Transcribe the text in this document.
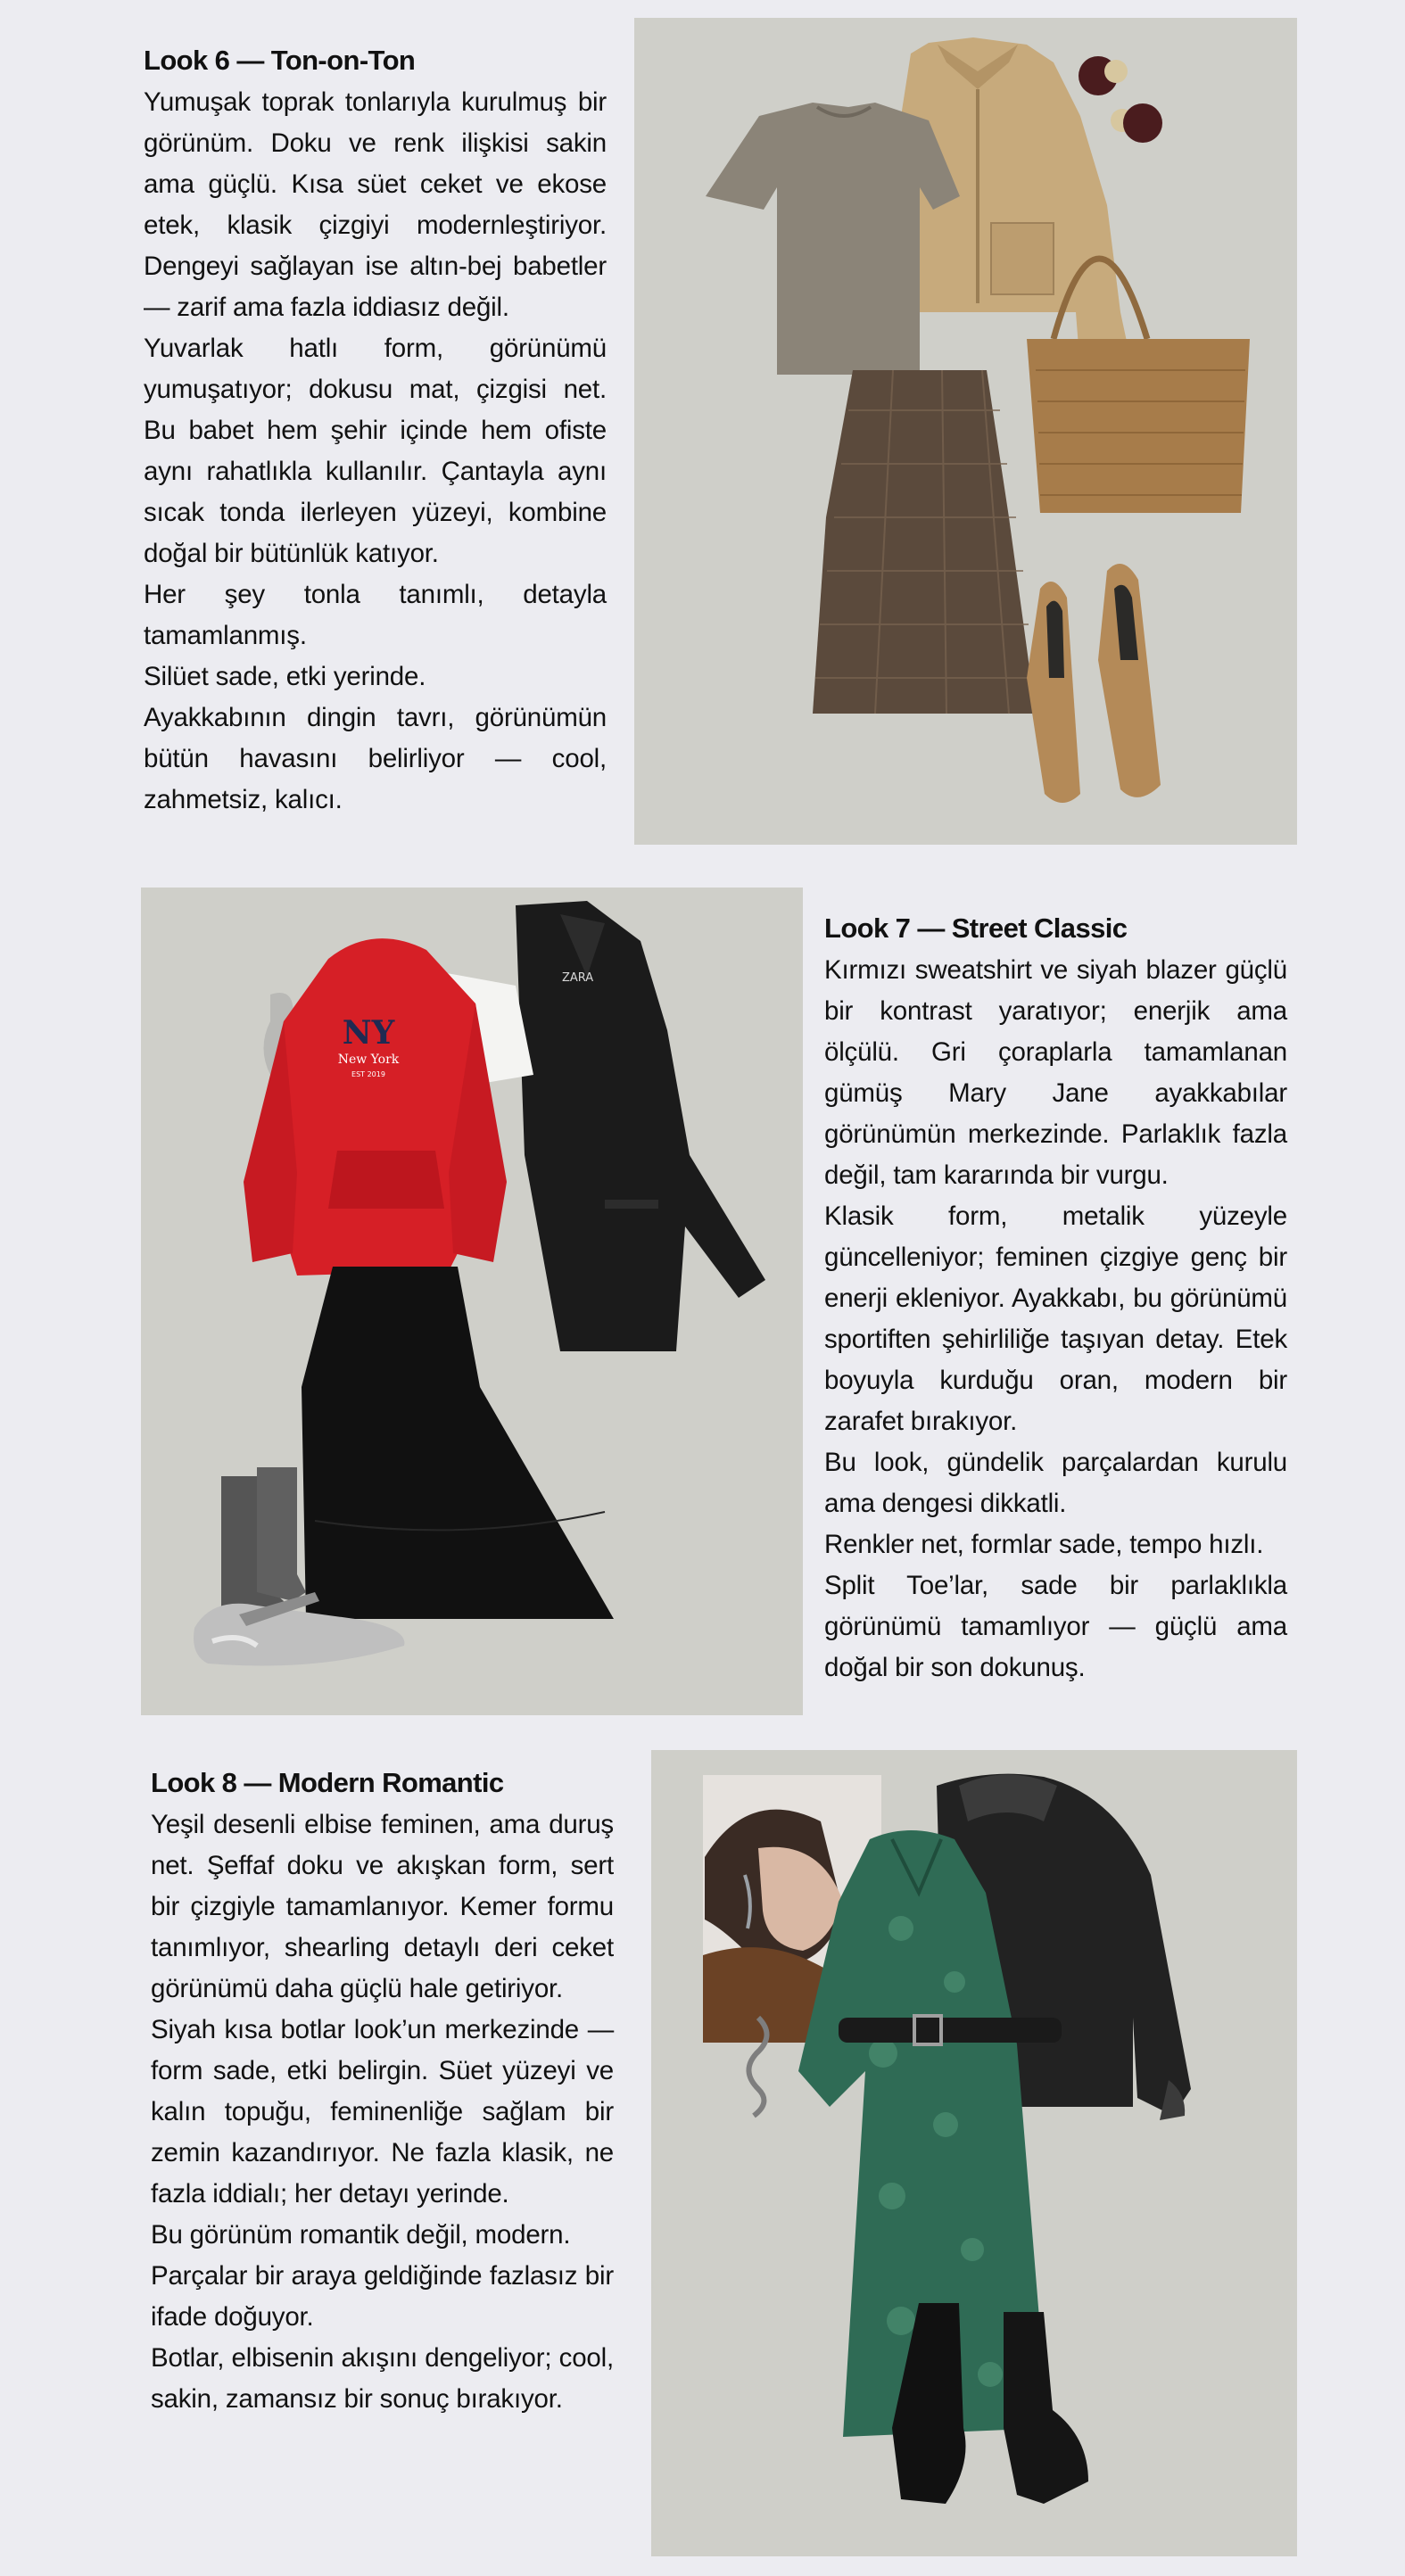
Look 6 — Ton-on-Ton

Yumuşak toprak tonlarıyla kurulmuş bir görünüm. Doku ve renk ilişkisi sakin ama güçlü. Kısa süet ceket ve ekose etek, klasik çizgiyi modernleştiriyor. Dengeyi sağlayan ise altın-bej babetler — zarif ama fazla iddiasız değil.

Yuvarlak hatlı form, görünümü yumuşatıyor; dokusu mat, çizgisi net. Bu babet hem şehir içinde hem ofiste aynı rahatlıkla kullanılır. Çantayla aynı sıcak tonda ilerleyen yüzeyi, kombine doğal bir bütünlük katıyor.

Her şey tonla tanımlı, detayla tamamlanmış.

Silüet sade, etki yerinde.

Ayakkabının dingin tavrı, görünümün bütün havasını belirliyor — cool, zahmetsiz, kalıcı.

ZARA
NY
New York
EST 2019
Look 7 — Street Classic

Kırmızı sweatshirt ve siyah blazer güçlü bir kontrast yaratıyor; enerjik ama ölçülü. Gri çoraplarla tamamlanan gümüş Mary Jane ayakkabılar görünümün merkezinde. Parlaklık fazla değil, tam kararında bir vurgu.

Klasik form, metalik yüzeyle güncelleniyor; feminen çizgiye genç bir enerji ekleniyor. Ayakkabı, bu görünümü sportiften şehirliliğe taşıyan detay. Etek boyuyla kurduğu oran, modern bir zarafet bırakıyor.

Bu look, gündelik parçalardan kurulu ama dengesi dikkatli.

Renkler net, formlar sade, tempo hızlı.

Split Toe’lar, sade bir parlaklıkla görünümü tamamlıyor — güçlü ama doğal bir son dokunuş.

Look 8 — Modern Romantic

Yeşil desenli elbise feminen, ama duruş net. Şeffaf doku ve akışkan form, sert bir çizgiyle tamamlanıyor. Kemer formu tanımlıyor, shearling detaylı deri ceket görünümü daha güçlü hale getiriyor.

Siyah kısa botlar look’un merkezinde — form sade, etki belirgin. Süet yüzeyi ve kalın topuğu, feminenliğe sağlam bir zemin kazandırıyor. Ne fazla klasik, ne fazla iddialı; her detayı yerinde.

Bu görünüm romantik değil, modern.

Parçalar bir araya geldiğinde fazlasız bir ifade doğuyor.

Botlar, elbisenin akışını dengeliyor; cool, sakin, zamansız bir sonuç bırakıyor.
